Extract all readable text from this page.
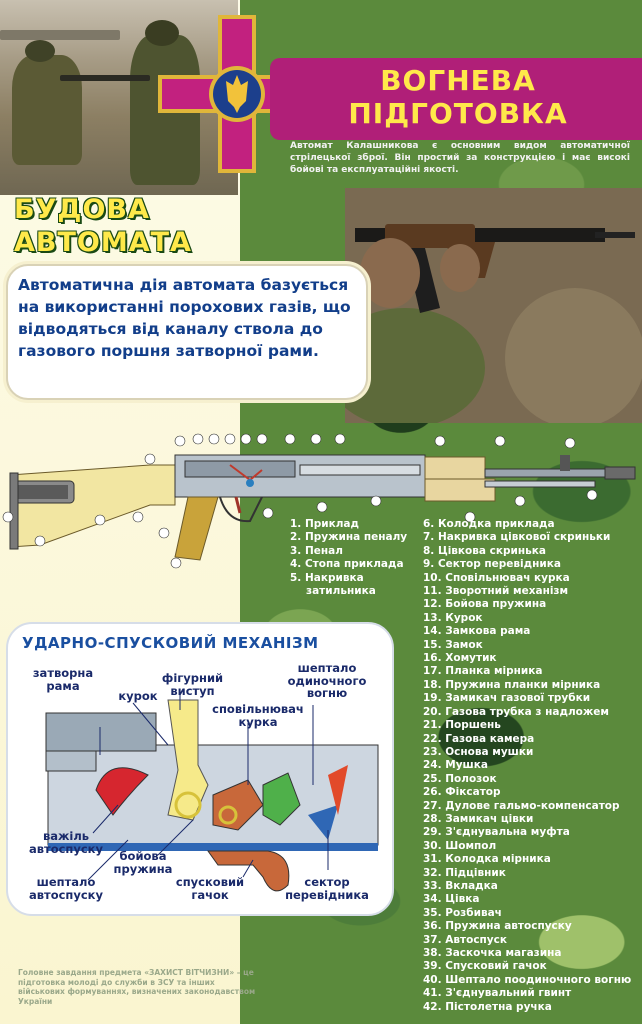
ВОГНЕВА
ПІДГОТОВКА
Автомат Калашникова є основним видом автоматичної стрілецької зброї. Він простий за конструкцією і має високі бойові та експлуатаційні якості.
БУДОВА
АВТОМАТА
Автоматична дія автомата базується на використанні порохових газів, що відводяться від каналу ствола до газового поршня затворної рами.
1. Приклад
2. Пружина пеналу
3. Пенал
4. Стопа приклада
5. Накривка
затильника
6. Колодка приклада
7. Накривка цівкової скриньки
8. Цівкова скринька
9. Сектор перевідника
10. Сповільнювач курка
11. Зворотний механізм
12. Бойова пружина
13. Курок
14. Замкова рама
15. Замок
16. Хомутик
17. Планка мірника
18. Пружина планки мірника
19. Замикач газової трубки
20. Газова трубка з надложем
21. Поршень
22. Газова камера
23. Основа мушки
24. Мушка
25. Полозок
26. Фіксатор
27. Дулове гальмо-компенсатор
28. Замикач цівки
29. З'єднувальна муфта
30. Шомпол
31. Колодка мірника
32. Підцівник
33. Вкладка
34. Цівка
35. Розбивач
36. Пружина автоспуску
37. Автоспуск
38. Заскочка магазина
39. Спусковий гачок
40. Шептало поодиночного вогню
41. З'єднувальний гвинт
42. Пістолетна ручка
УДАРНО-СПУСКОВИЙ МЕХАНІЗМ
затворна
рама
курок
фігурний
виступ
шептало
одиночного
вогню
сповільнювач
курка
важіль
автоспуску
бойова
пружина
шептало
автоспуску
спусковий
гачок
сектор
перевідника
Головне завдання предмета «ЗАХИСТ ВІТЧИЗНИ» – це підготовка молоді до служби в ЗСУ та інших військових формуваннях, визначених законодавством України
